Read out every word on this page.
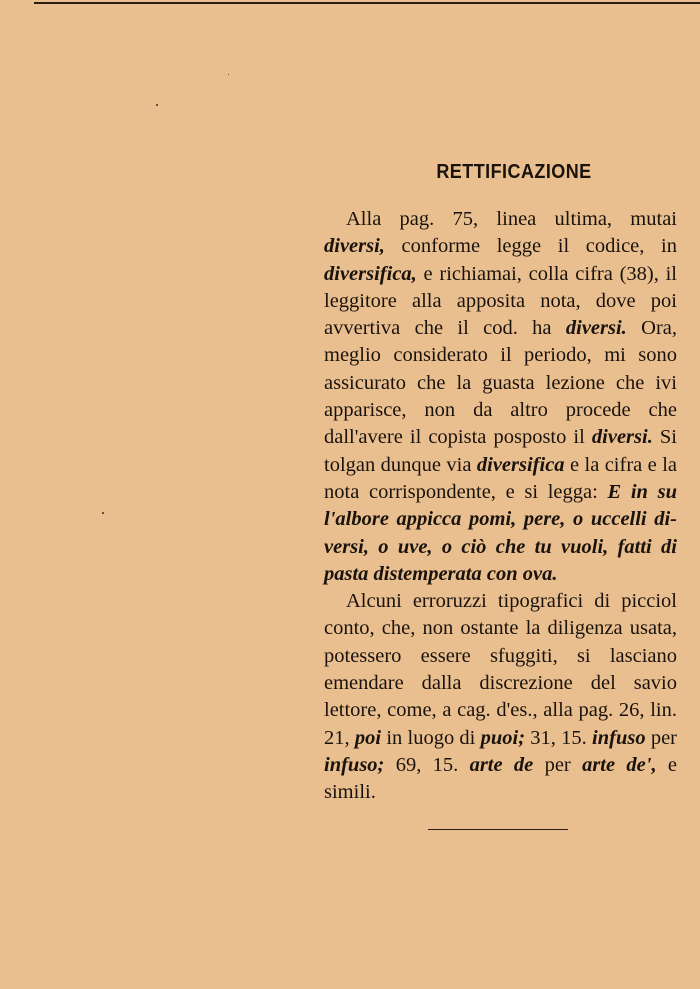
RETTIFICAZIONE

Alla pag. 75, linea ultima, mutai diversi, conforme legge il codice, in diversifica, e richiamai, colla cifra (38), il leggitore alla apposita nota, dove poi avvertiva che il cod. ha diversi. Ora, meglio considerato il periodo, mi sono assicurato che la guasta lezione che ivi apparisce, non da altro procede che dall'avere il copista posposto il diversi. Si tolgan dunque via diversifica e la cifra e la nota corrispondente, e si legga: E in su l'albore appicca pomi, pere, o uccelli diversi, o uve, o ciò che tu vuoli, fatti di pasta distemperata con ova.

Alcuni erroruzzi tipografici di picciol conto, che, non ostante la diligenza usata, potessero essere sfuggiti, si lasciano emendare dalla discrezione del savio lettore, come, a cag. d'es., alla pag. 26, lin. 21, poi in luogo di puoi; 31, 15. infuso per infuso; 69, 15. arte de per arte de', e simili.
